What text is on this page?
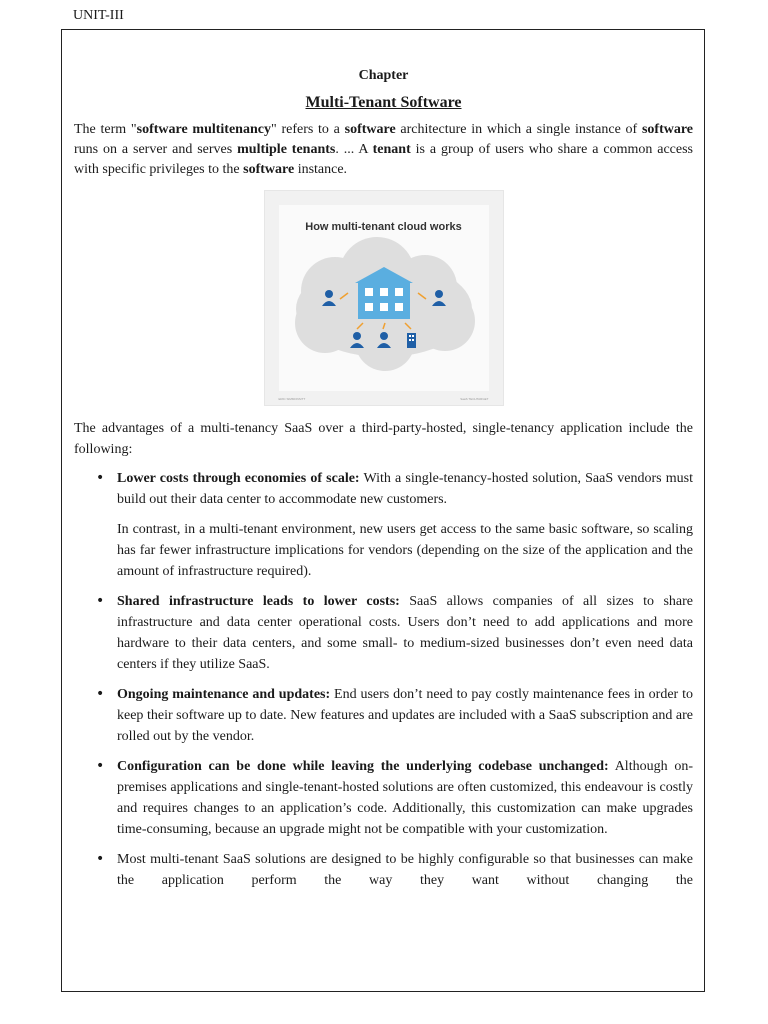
UNIT-III

Chapter

Multi-Tenant Software

The term "software multitenancy" refers to a software architecture in which a single instance of software runs on a server and serves multiple tenants. ... A tenant is a group of users who share a common access with specific privileges to the software instance.

How multi-tenant cloud works
ERIC SIMMONS/TT	SaaS TECHTARGET

The advantages of a multi-tenancy SaaS over a third-party-hosted, single-tenancy application include the following:

• Lower costs through economies of scale: With a single-tenancy-hosted solution, SaaS vendors must build out their data center to accommodate new customers.

In contrast, in a multi-tenant environment, new users get access to the same basic software, so scaling has far fewer infrastructure implications for vendors (depending on the size of the application and the amount of infrastructure required).

• Shared infrastructure leads to lower costs: SaaS allows companies of all sizes to share infrastructure and data center operational costs. Users don’t need to add applications and more hardware to their data centers, and some small- to medium-sized businesses don’t even need data centers if they utilize SaaS.

• Ongoing maintenance and updates: End users don’t need to pay costly maintenance fees in order to keep their software up to date. New features and updates are included with a SaaS subscription and are rolled out by the vendor.

• Configuration can be done while leaving the underlying codebase unchanged: Although on-premises applications and single-tenant-hosted solutions are often customized, this endeavour is costly and requires changes to an application’s code. Additionally, this customization can make upgrades time-consuming, because an upgrade might not be compatible with your customization.

• Most multi-tenant SaaS solutions are designed to be highly configurable so that businesses can make the application perform the way they want without changing the
